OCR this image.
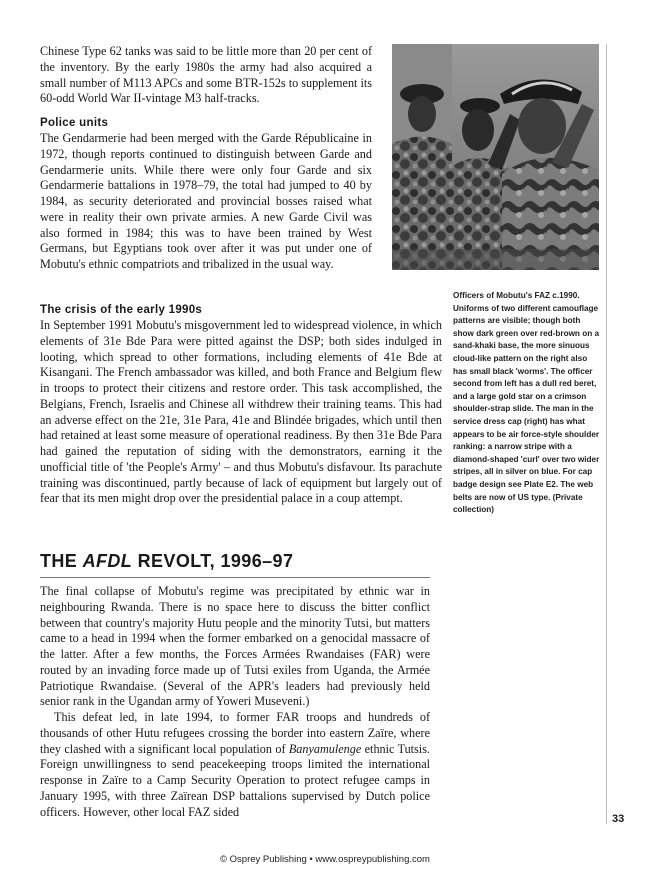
Chinese Type 62 tanks was said to be little more than 20 per cent of the inventory. By the early 1980s the army had also acquired a small number of M113 APCs and some BTR-152s to supplement its 60-odd World War II-vintage M3 half-tracks.

Police units

The Gendarmerie had been merged with the Garde Républicaine in 1972, though reports continued to distinguish between Garde and Gendarmerie units. While there were only four Garde and six Gendarmerie battalions in 1978–79, the total had jumped to 40 by 1984, as security deteriorated and provincial bosses raised what were in reality their own private armies. A new Garde Civil was also formed in 1984; this was to have been trained by West Germans, but Egyptians took over after it was put under one of Mobutu's ethnic compatriots and tribalized in the usual way.

Officers of Mobutu's FAZ c.1990. Uniforms of two different camouflage patterns are visible; though both show dark green over red-brown on a sand-khaki base, the more sinuous cloud-like pattern on the right also has small black 'worms'. The officer second from left has a dull red beret, and a large gold star on a crimson shoulder-strap slide. The man in the service dress cap (right) has what appears to be air force-style shoulder ranking: a narrow stripe with a diamond-shaped 'curl' over two wider stripes, all in silver on blue. For cap badge design see Plate E2. The web belts are now of US type. (Private collection)

The crisis of the early 1990s

In September 1991 Mobutu's misgovernment led to widespread violence, in which elements of 31e Bde Para were pitted against the DSP; both sides indulged in looting, which spread to other formations, including elements of 41e Bde at Kisangani. The French ambassador was killed, and both France and Belgium flew in troops to protect their citizens and restore order. This task accomplished, the Belgians, French, Israelis and Chinese all withdrew their training teams. This had an adverse effect on the 21e, 31e Para, 41e and Blindée brigades, which until then had retained at least some measure of operational readiness. By then 31e Bde Para had gained the reputation of siding with the demonstrators, earning it the unofficial title of 'the People's Army' – and thus Mobutu's disfavour. Its parachute training was discontinued, partly because of lack of equipment but largely out of fear that its men might drop over the presidential palace in a coup attempt.

THE AFDL REVOLT, 1996–97

The final collapse of Mobutu's regime was precipitated by ethnic war in neighbouring Rwanda. There is no space here to discuss the bitter conflict between that country's majority Hutu people and the minority Tutsi, but matters came to a head in 1994 when the former embarked on a genocidal massacre of the latter. After a few months, the Forces Armées Rwandaises (FAR) were routed by an invading force made up of Tutsi exiles from Uganda, the Armée Patriotique Rwandaise. (Several of the APR's leaders had previously held senior rank in the Ugandan army of Yoweri Museveni.)

This defeat led, in late 1994, to former FAR troops and hundreds of thousands of other Hutu refugees crossing the border into eastern Zaïre, where they clashed with a significant local population of Banyamulenge ethnic Tutsis. Foreign unwillingness to send peacekeeping troops limited the international response in Zaïre to a Camp Security Operation to protect refugee camps in January 1995, with three Zaïrean DSP battalions supervised by Dutch police officers. However, other local FAZ sided

33
© Osprey Publishing • www.ospreypublishing.com
